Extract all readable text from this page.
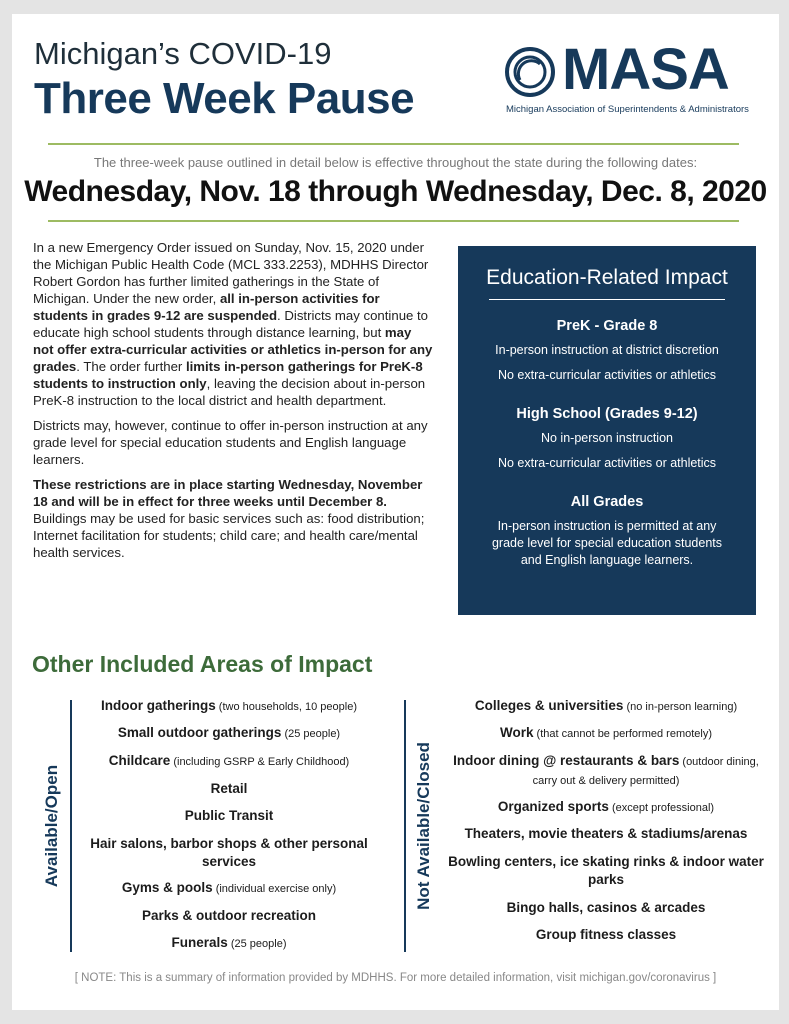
Michigan’s COVID-19
Three Week Pause	MASA
Michigan Association of Superintendents & Administrators
The three-week pause outlined in detail below is effective throughout the state during the following dates:
Wednesday, Nov. 18 through Wednesday, Dec. 8, 2020

In a new Emergency Order issued on Sunday, Nov. 15, 2020 under the Michigan Public Health Code (MCL 333.2253), MDHHS Director Robert Gordon has further limited gatherings in the State of Michigan. Under the new order, all in-person activities for students in grades 9-12 are suspended. Districts may continue to educate high school students through distance learning, but may not offer extra-curricular activities or athletics in-person for any grades. The order further limits in-person gatherings for PreK-8 students to instruction only, leaving the decision about in-person PreK-8 instruction to the local district and health department.

Districts may, however, continue to offer in-person instruction at any grade level for special education students and English language learners.

These restrictions are in place starting Wednesday, November 18 and will be in effect for three weeks until December 8. Buildings may be used for basic services such as: food distribution; Internet facilitation for students; child care; and health care/mental health services.

Education-Related Impact
PreK - Grade 8
In-person instruction at district discretion
No extra-curricular activities or athletics
High School (Grades 9-12)
No in-person instruction
No extra-curricular activities or athletics
All Grades
In-person instruction is permitted at any grade level for special education students and English language learners.
Other Included Areas of Impact
Available/Open
Indoor gatherings (two households, 10 people)
Small outdoor gatherings (25 people)
Childcare (including GSRP & Early Childhood)
Retail
Public Transit
Hair salons, barbor shops & other personal services
Gyms & pools (individual exercise only)
Parks & outdoor recreation
Funerals (25 people)
Not Available/Closed
Colleges & universities (no in-person learning)
Work (that cannot be performed remotely)
Indoor dining @ restaurants & bars (outdoor dining, carry out & delivery permitted)
Organized sports (except professional)
Theaters, movie theaters & stadiums/arenas
Bowling centers, ice skating rinks & indoor water parks
Bingo halls, casinos & arcades
Group fitness classes
[ NOTE: This is a summary of information provided by MDHHS. For more detailed information, visit michigan.gov/coronavirus ]
